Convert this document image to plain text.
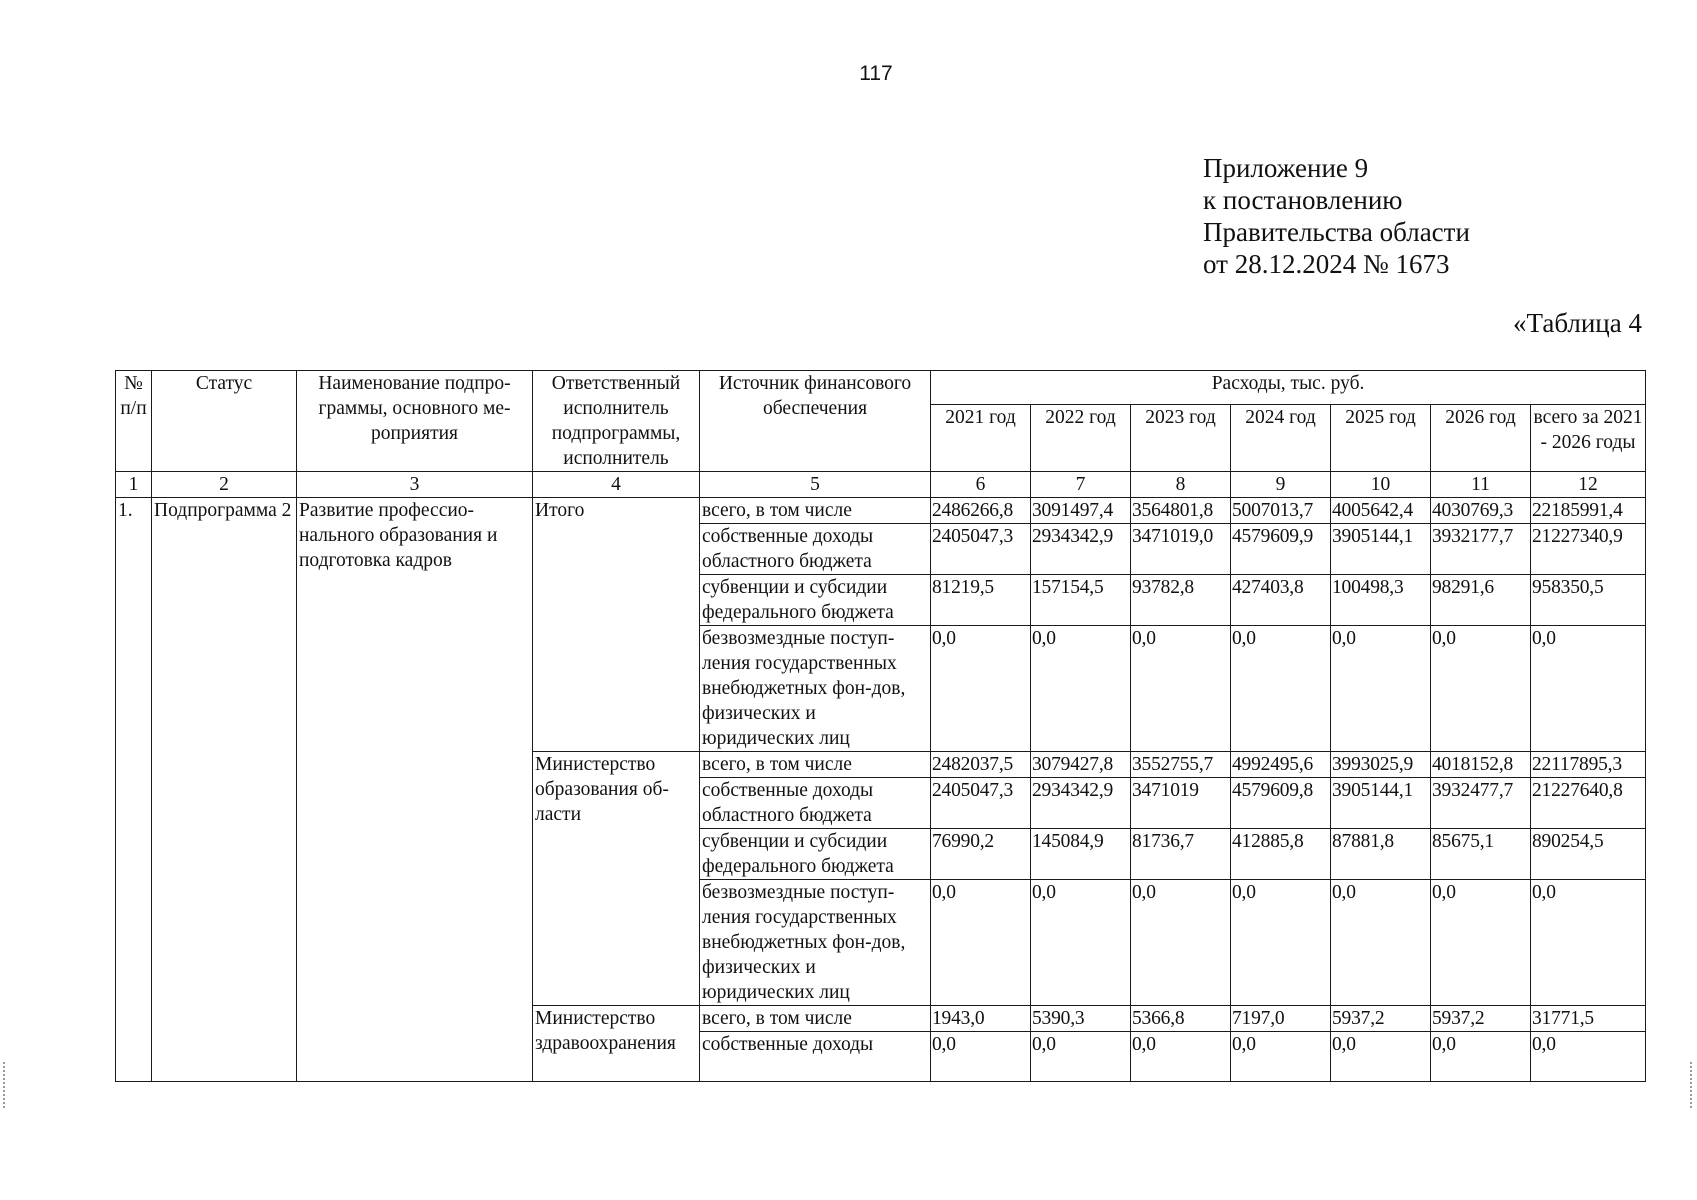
117
Приложение 9
к постановлению
Правительства области
от 28.12.2024 № 1673
«Таблица 4
№ п/п	Статус	Наименование подпро-граммы, основного ме-роприятия	Ответственный исполнитель подпрограммы, исполнитель	Источник финансового обеспечения	Расходы, тыс. руб.						
					2021 год	2022 год	2023 год	2024 год	2025 год	2026 год	всего за 2021 - 2026 годы
1	2	3	4	5	6	7	8	9	10	11	12
1.	Подпрограмма 2	Развитие профессио-нального образования и подготовка кадров	Итого	всего, в том числе	2486266,8	3091497,4	3564801,8	5007013,7	4005642,4	4030769,3	22185991,4
				собственные доходы областного бюджета	2405047,3	2934342,9	3471019,0	4579609,9	3905144,1	3932177,7	21227340,9
				субвенции и субсидии федерального бюджета	81219,5	157154,5	93782,8	427403,8	100498,3	98291,6	958350,5
				безвозмездные поступ-ления государственных внебюджетных фон-дов, физических и юридических лиц	0,0	0,0	0,0	0,0	0,0	0,0	0,0
			Министерство образования об-ласти	всего, в том числе	2482037,5	3079427,8	3552755,7	4992495,6	3993025,9	4018152,8	22117895,3
				собственные доходы областного бюджета	2405047,3	2934342,9	3471019	4579609,8	3905144,1	3932477,7	21227640,8
				субвенции и субсидии федерального бюджета	76990,2	145084,9	81736,7	412885,8	87881,8	85675,1	890254,5
				безвозмездные поступ-ления государственных внебюджетных фон-дов, физических и юридических лиц	0,0	0,0	0,0	0,0	0,0	0,0	0,0
			Министерство здравоохранения	всего, в том числе	1943,0	5390,3	5366,8	7197,0	5937,2	5937,2	31771,5
				собственные доходы	0,0	0,0	0,0	0,0	0,0	0,0	0,0
